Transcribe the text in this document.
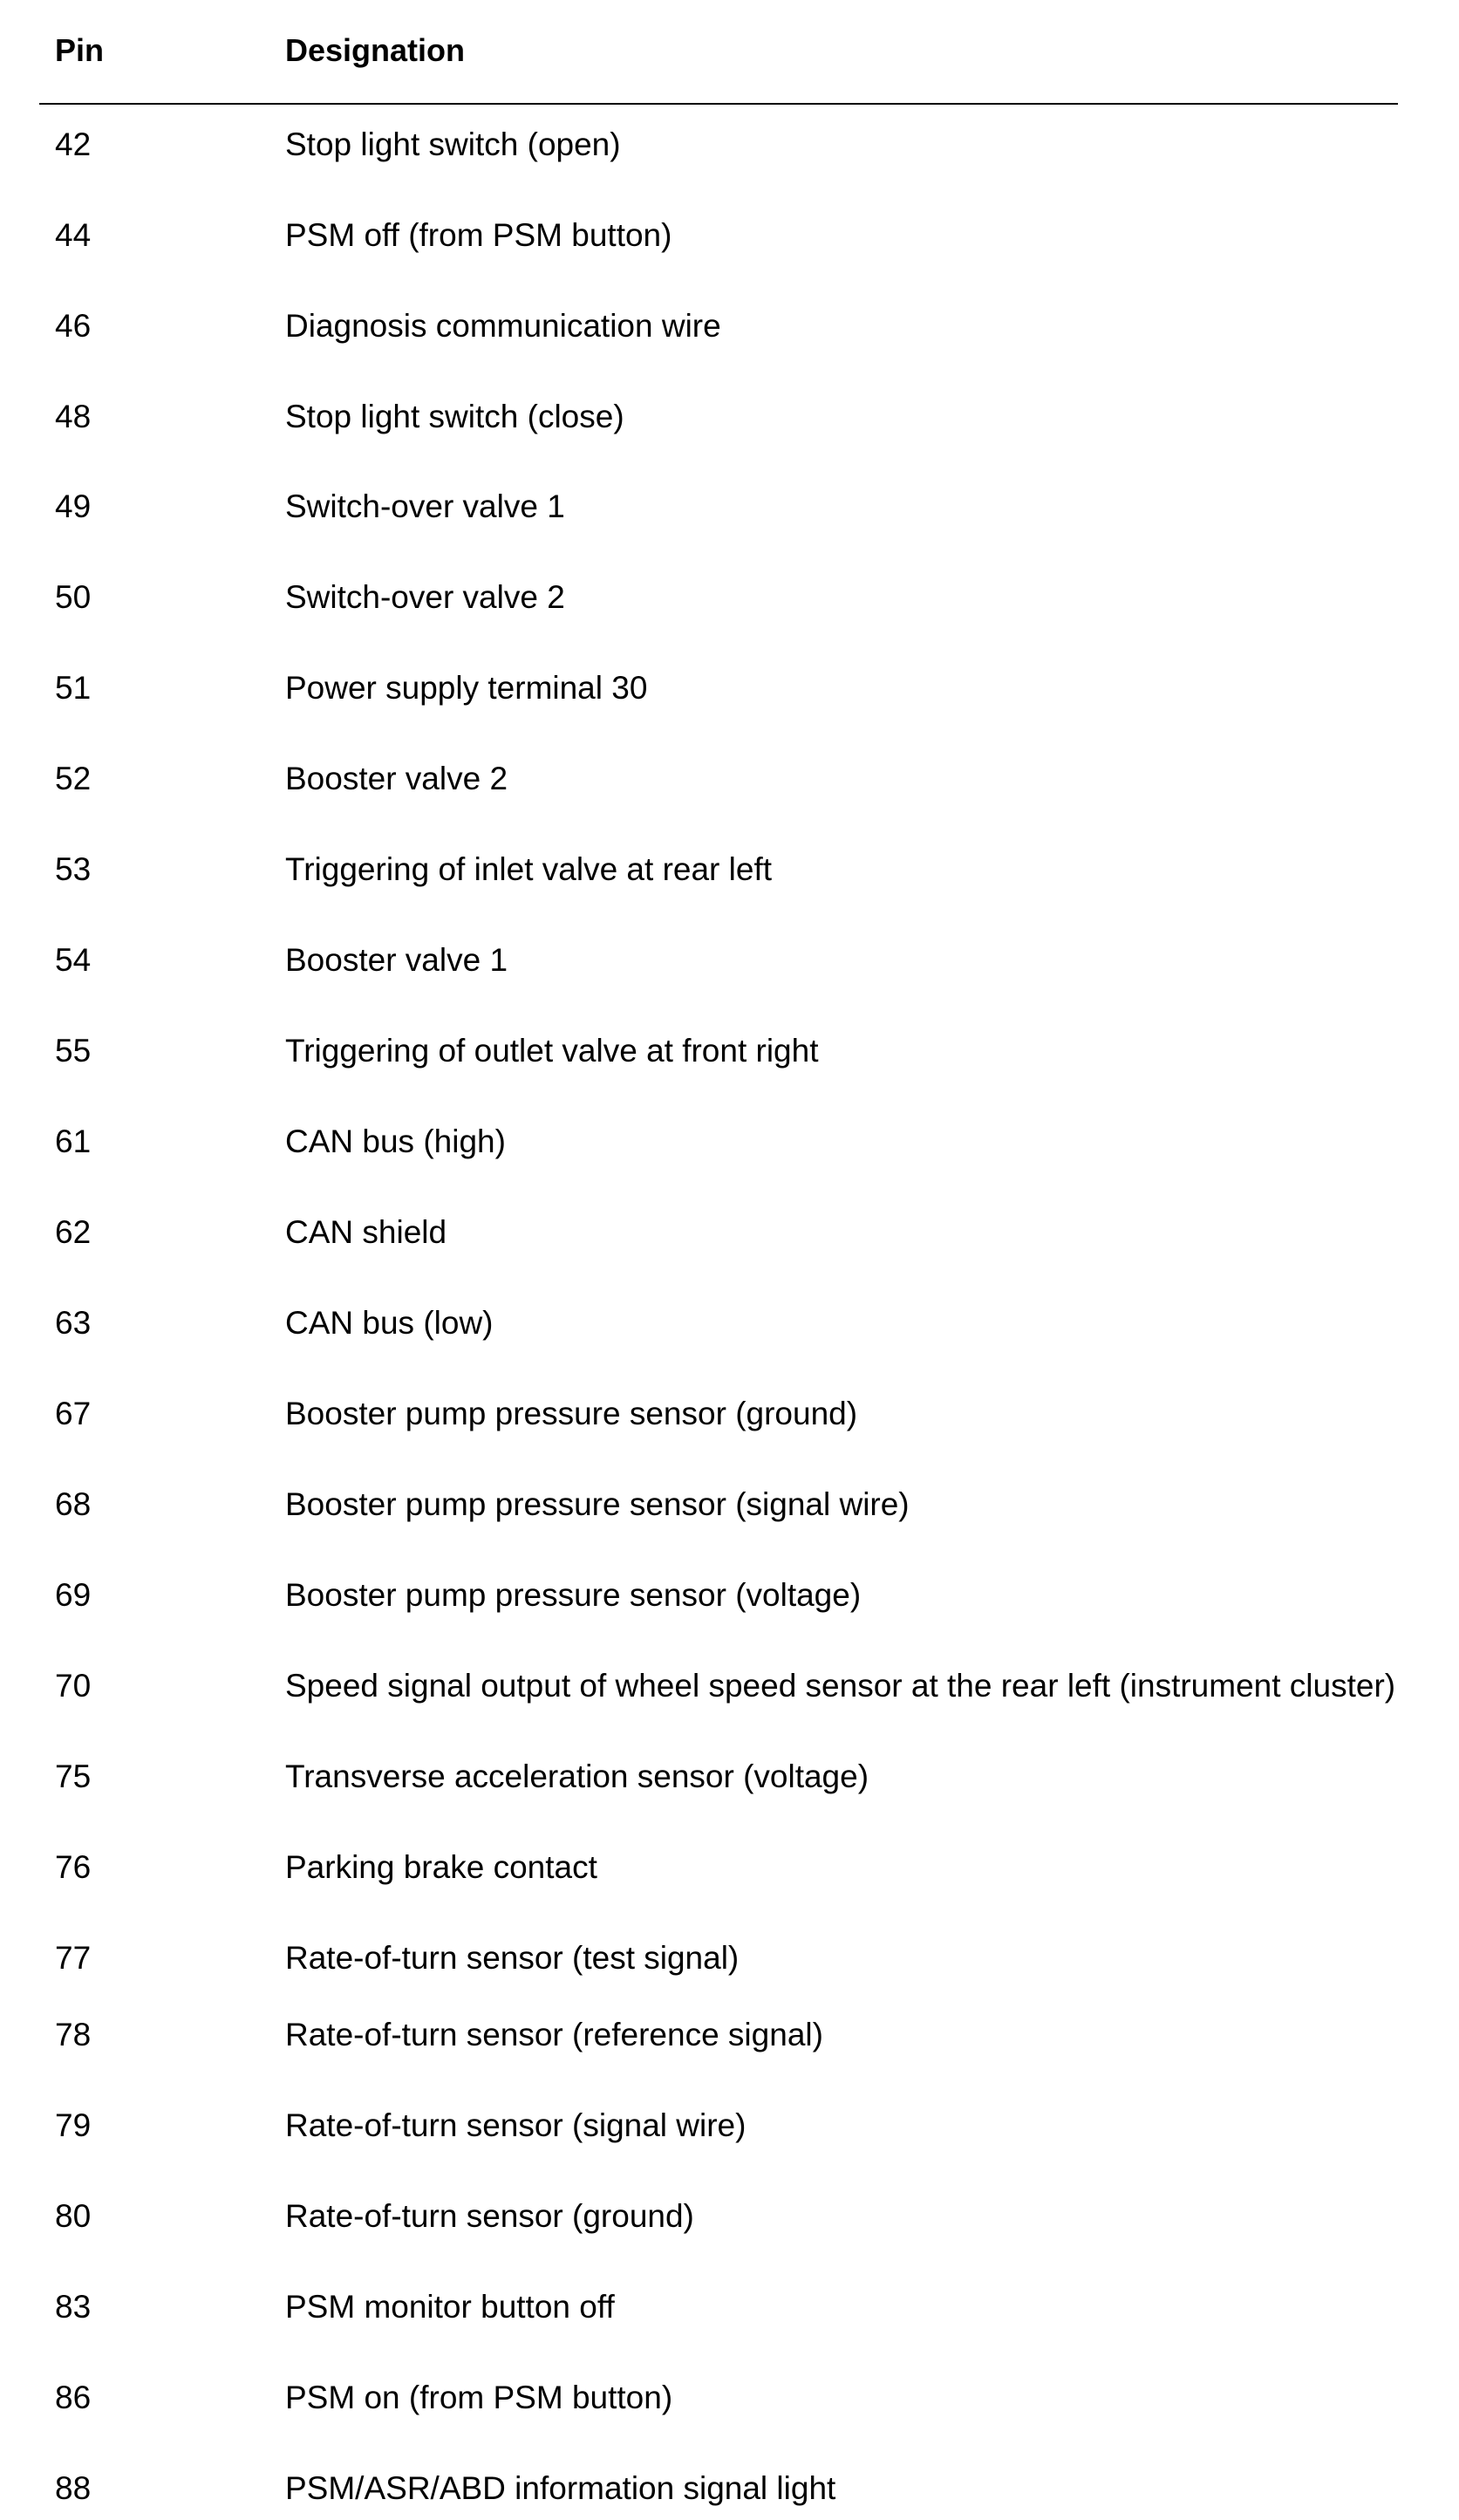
Pin	Designation
42	Stop light switch (open)
44	PSM off (from PSM button)
46	Diagnosis communication wire
48	Stop light switch (close)
49	Switch-over valve 1
50	Switch-over valve 2
51	Power supply terminal 30
52	Booster valve 2
53	Triggering of inlet valve at rear left
54	Booster valve 1
55	Triggering of outlet valve at front right
61	CAN bus (high)
62	CAN shield
63	CAN bus (low)
67	Booster pump pressure sensor (ground)
68	Booster pump pressure sensor (signal wire)
69	Booster pump pressure sensor (voltage)
70	Speed signal output of wheel speed sensor at the rear left (instrument cluster)
75	Transverse acceleration sensor (voltage)
76	Parking brake contact
77	Rate-of-turn sensor (test signal)
78	Rate-of-turn sensor (reference signal)
79	Rate-of-turn sensor (signal wire)
80	Rate-of-turn sensor (ground)
83	PSM monitor button off
86	PSM on (from PSM button)
88	PSM/ASR/ABD information signal light
